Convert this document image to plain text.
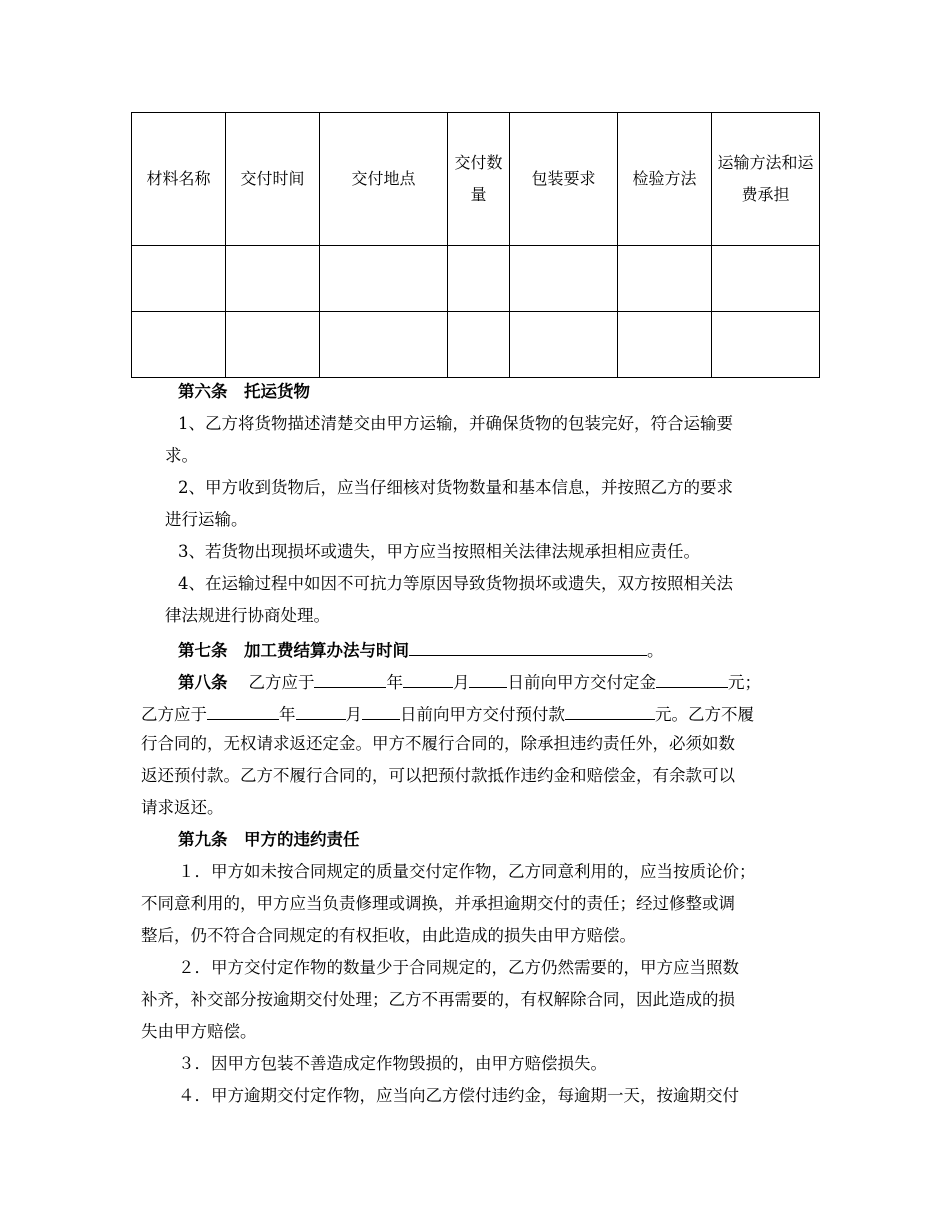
材料名称	交付时间	交付地点	交付数量	包装要求	检验方法	运输方法和运费承担

第六条　托运货物
1、乙方将货物描述清楚交由甲方运输，并确保货物的包装完好，符合运输要
求。
2、甲方收到货物后，应当仔细核对货物数量和基本信息，并按照乙方的要求
进行运输。
3、若货物出现损坏或遗失，甲方应当按照相关法律法规承担相应责任。
4、在运输过程中如因不可抗力等原因导致货物损坏或遗失，双方按照相关法
律法规进行协商处理。
第七条　加工费结算办法与时间	。
第八条 乙方应于	年	月 日前向甲方交付定金	元；
乙方应于	年	月 日前向甲方交付预付款	元。乙方不履
行合同的，无权请求返还定金。甲方不履行合同的，除承担违约责任外，必须如数
返还预付款。乙方不履行合同的，可以把预付款抵作违约金和赔偿金，有余款可以
请求返还。
第九条　甲方的违约责任
１．甲方如未按合同规定的质量交付定作物，乙方同意利用的，应当按质论价；
不同意利用的，甲方应当负责修理或调换，并承担逾期交付的责任；经过修整或调
整后，仍不符合合同规定的有权拒收，由此造成的损失由甲方赔偿。
２．甲方交付定作物的数量少于合同规定的，乙方仍然需要的，甲方应当照数
补齐，补交部分按逾期交付处理；乙方不再需要的，有权解除合同，因此造成的损
失由甲方赔偿。
３．因甲方包装不善造成定作物毁损的，由甲方赔偿损失。
４．甲方逾期交付定作物，应当向乙方偿付违约金，每逾期一天，按逾期交付
